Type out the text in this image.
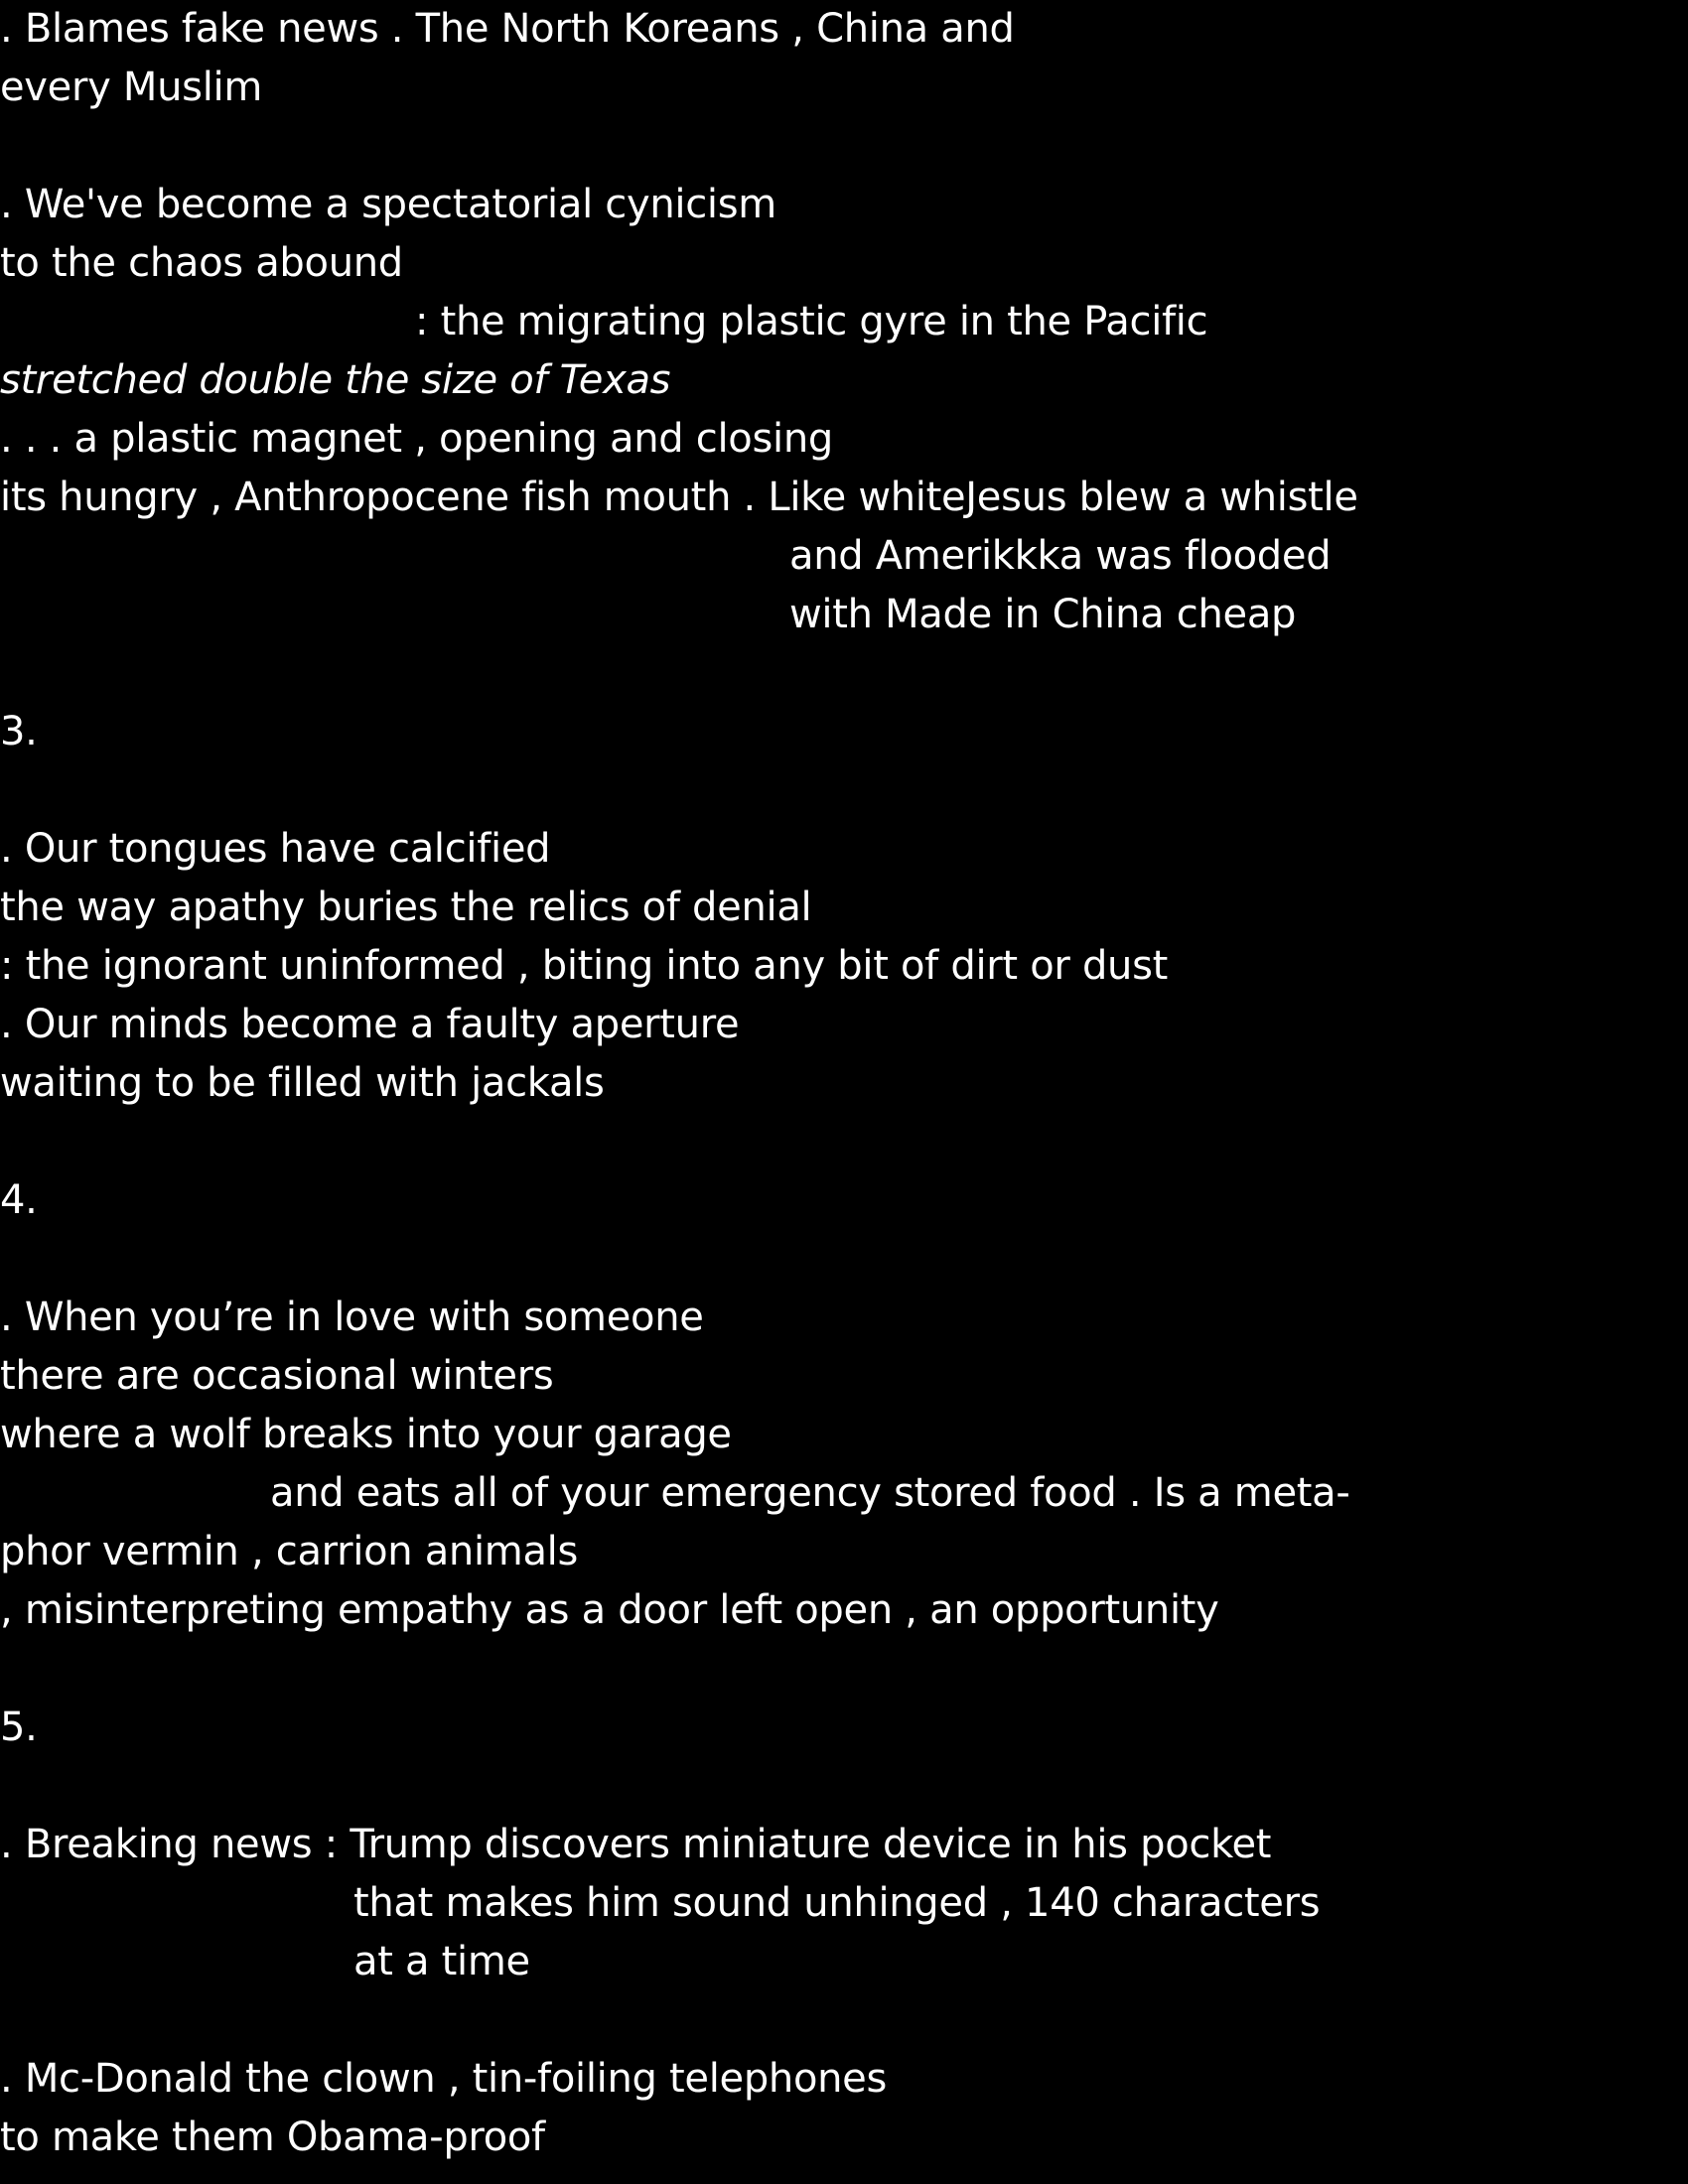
. Blames fake news . The North Koreans , China and
every Muslim
. We've become a spectatorial cynicism
to the chaos abound
: the migrating plastic gyre in the Pacific
stretched double the size of Texas
. . . a plastic magnet , opening and closing
its hungry , Anthropocene fish mouth . Like whiteJesus blew a whistle
and Amerikkka was flooded
with Made in China cheap
3.
. Our tongues have calcified
the way apathy buries the relics of denial
: the ignorant uninformed , biting into any bit of dirt or dust
. Our minds become a faulty aperture
waiting to be filled with jackals
4.
. When you’re in love with someone
there are occasional winters
where a wolf breaks into your garage
and eats all of your emergency stored food . Is a meta-
phor vermin , carrion animals
, misinterpreting empathy as a door left open , an opportunity
5.
. Breaking news : Trump discovers miniature device in his pocket
that makes him sound unhinged , 140 characters
at a time
. Mc-Donald the clown , tin-foiling telephones
to make them Obama-proof
